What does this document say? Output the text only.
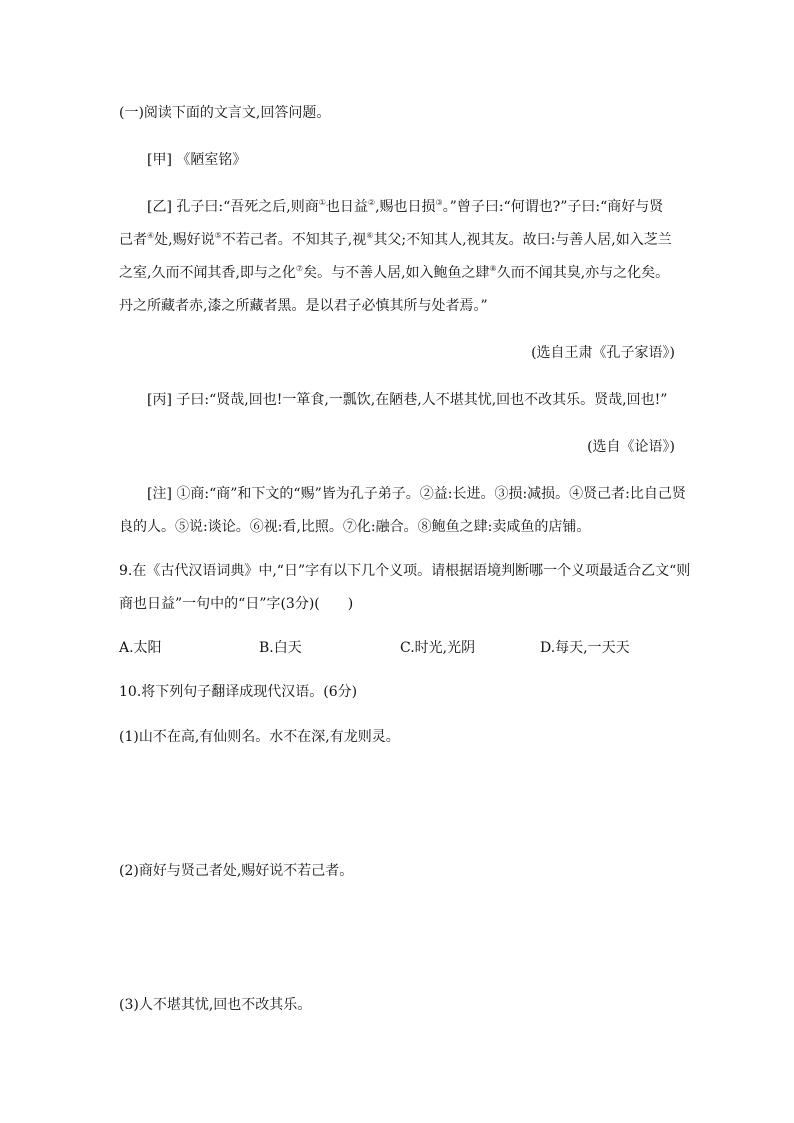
(一)阅读下面的文言文,回答问题。
[甲] 《陋室铭》
[乙] 孔子曰:“吾死之后,则商①也日益②,赐也日损③。”曾子曰:“何谓也?”子曰:“商好与贤
己者④处,赐好说⑤不若己者。不知其子,视⑥其父;不知其人,视其友。故曰:与善人居,如入芝兰
之室,久而不闻其香,即与之化⑦矣。与不善人居,如入鲍鱼之肆⑧久而不闻其臭,亦与之化矣。
丹之所藏者赤,漆之所藏者黑。是以君子必慎其所与处者焉。”
(选自王肃《孔子家语》)
[丙] 子曰:“贤哉,回也!一箪食,一瓢饮,在陋巷,人不堪其忧,回也不改其乐。贤哉,回也!”
(选自《论语》)
[注] ①商:“商”和下文的“赐”皆为孔子弟子。②益:长进。③损:减损。④贤己者:比自己贤
良的人。⑤说:谈论。⑥视:看,比照。⑦化:融合。⑧鲍鱼之肆:卖咸鱼的店铺。
9.在《古代汉语词典》中,“日”字有以下几个义项。请根据语境判断哪一个义项最适合乙文“则
商也日益”一句中的“日”字(3分)(　　)
A.太阳	B.白天	C.时光,光阴	D.每天,一天天
10.将下列句子翻译成现代汉语。(6分)
(1)山不在高,有仙则名。水不在深,有龙则灵。
(2)商好与贤己者处,赐好说不若己者。
(3)人不堪其忧,回也不改其乐。
